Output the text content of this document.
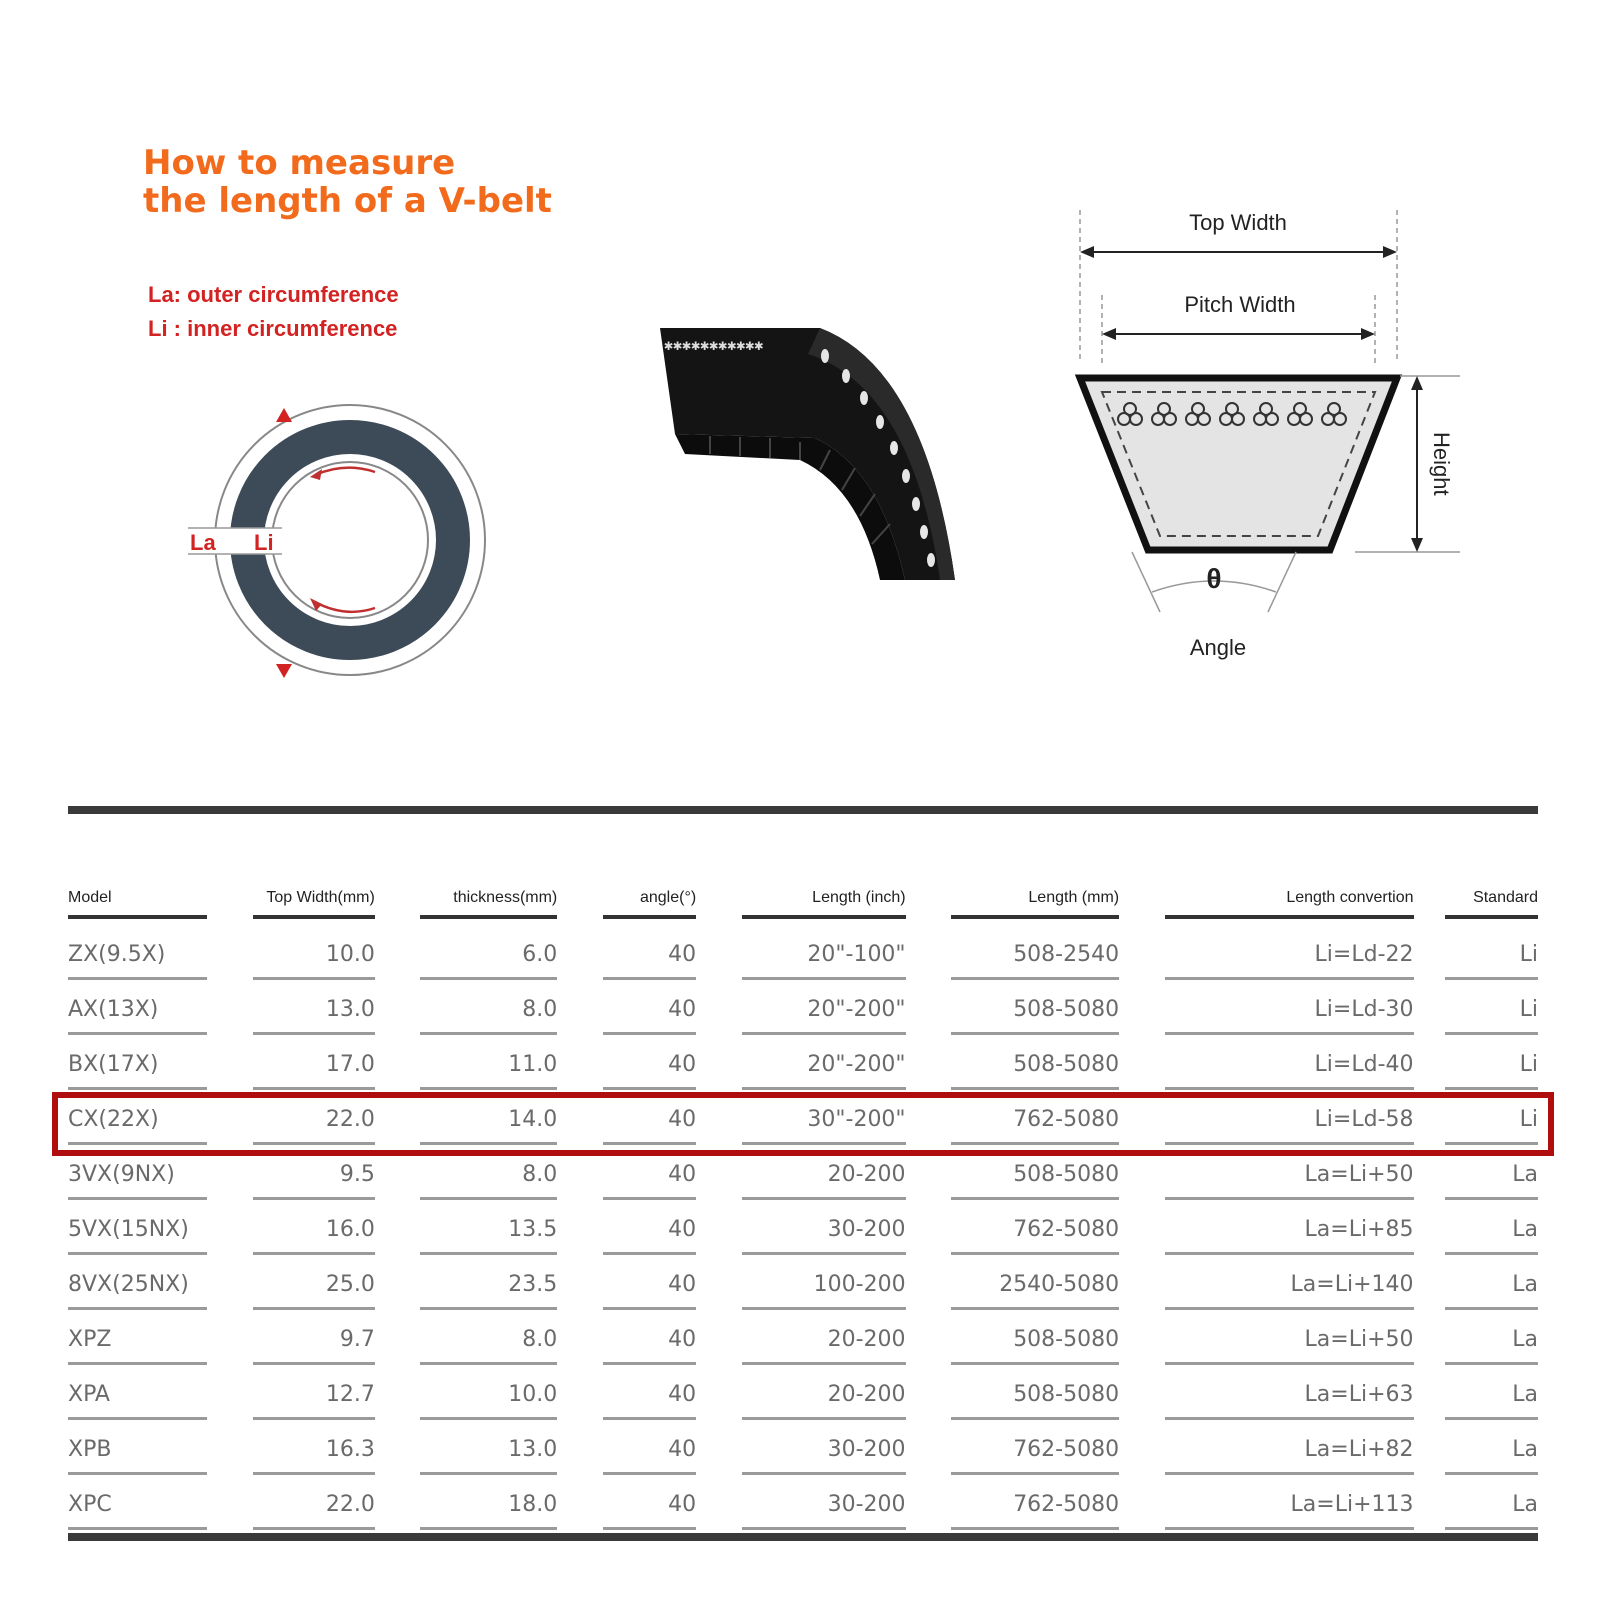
How to measure
the length of a V-belt
La: outer circumference
Li : inner circumference
La Li
✱✱✱✱✱✱✱✱✱✱✱
Top Width
Pitch Width
Height
θ
Angle
Model		Top Width(mm)		thickness(mm)		angle(°)		Length (inch)		Length (mm)		Length convertion		Standard

ZX(9.5X)		10.0		6.0		40		20"-100"		508-2540		Li=Ld-22		Li

AX(13X)		13.0		8.0		40		20"-200"		508-5080		Li=Ld-30		Li

BX(17X)		17.0		11.0		40		20"-200"		508-5080		Li=Ld-40		Li

CX(22X)		22.0		14.0		40		30"-200"		762-5080		Li=Ld-58		Li

3VX(9NX)		9.5		8.0		40		20-200		508-5080		La=Li+50		La

5VX(15NX)		16.0		13.5		40		30-200		762-5080		La=Li+85		La

8VX(25NX)		25.0		23.5		40		100-200		2540-5080		La=Li+140		La

XPZ		9.7		8.0		40		20-200		508-5080		La=Li+50		La

XPA		12.7		10.0		40		20-200		508-5080		La=Li+63		La

XPB		16.3		13.0		40		30-200		762-5080		La=Li+82		La

XPC		22.0		18.0		40		30-200		762-5080		La=Li+113		La
